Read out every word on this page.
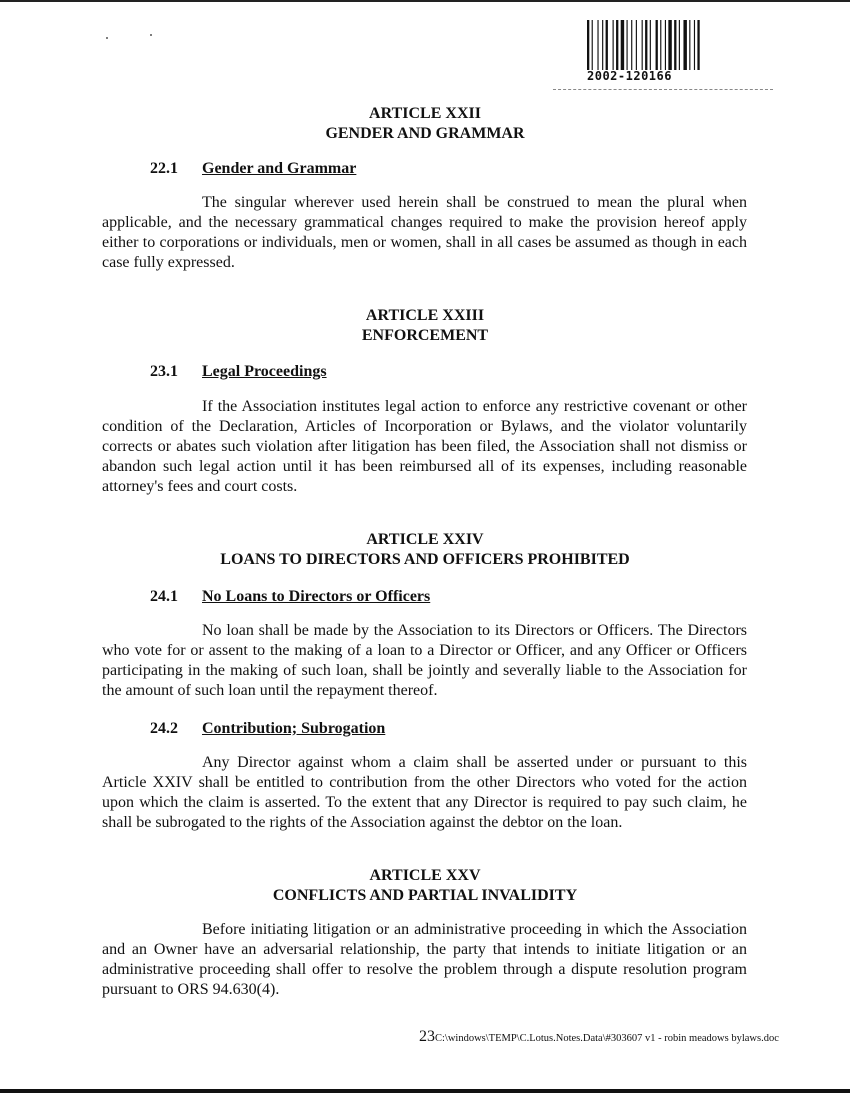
2002-120166
ARTICLE XXII
GENDER AND GRAMMAR
22.1 Gender and Grammar

The singular wherever used herein shall be construed to mean the plural when applicable, and the necessary grammatical changes required to make the provision hereof apply either to corporations or individuals, men or women, shall in all cases be assumed as though in each case fully expressed.

ARTICLE XXIII
ENFORCEMENT
23.1 Legal Proceedings

If the Association institutes legal action to enforce any restrictive covenant or other condition of the Declaration, Articles of Incorporation or Bylaws, and the violator voluntarily corrects or abates such violation after litigation has been filed, the Association shall not dismiss or abandon such legal action until it has been reimbursed all of its expenses, including reasonable attorney's fees and court costs.

ARTICLE XXIV
LOANS TO DIRECTORS AND OFFICERS PROHIBITED
24.1 No Loans to Directors or Officers

No loan shall be made by the Association to its Directors or Officers. The Directors who vote for or assent to the making of a loan to a Director or Officer, and any Officer or Officers participating in the making of such loan, shall be jointly and severally liable to the Association for the amount of such loan until the repayment thereof.

24.2 Contribution; Subrogation

Any Director against whom a claim shall be asserted under or pursuant to this Article XXIV shall be entitled to contribution from the other Directors who voted for the action upon which the claim is asserted. To the extent that any Director is required to pay such claim, he shall be subrogated to the rights of the Association against the debtor on the loan.

ARTICLE XXV
CONFLICTS AND PARTIAL INVALIDITY

Before initiating litigation or an administrative proceeding in which the Association and an Owner have an adversarial relationship, the party that intends to initiate litigation or an administrative proceeding shall offer to resolve the problem through a dispute resolution program pursuant to ORS 94.630(4).

23C:\windows\TEMP\C.Lotus.Notes.Data\#303607 v1 - robin meadows bylaws.doc
